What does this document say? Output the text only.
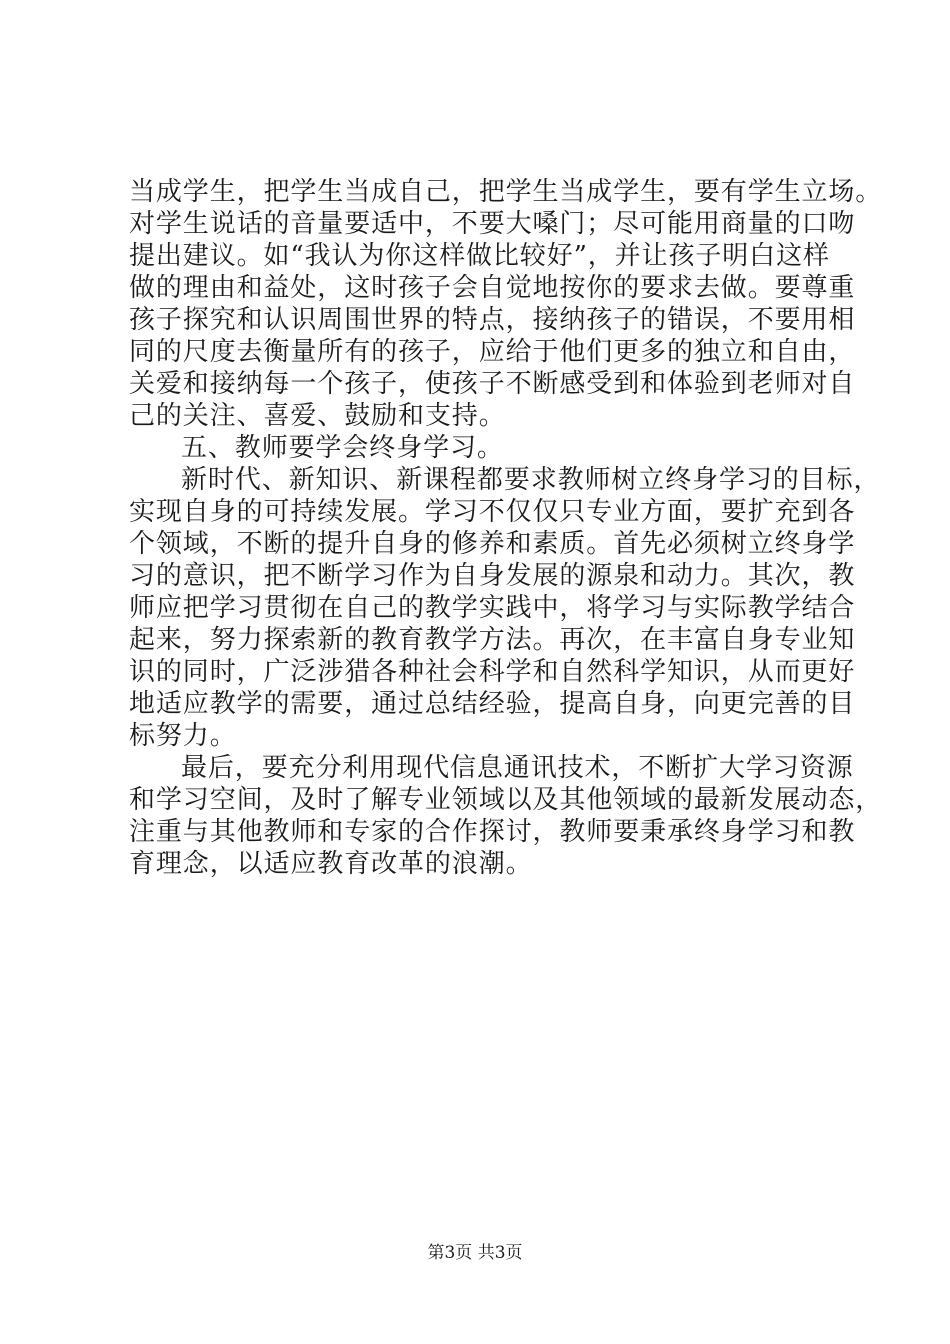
当成学生，把学生当成自己，把学生当成学生，要有学生立场。
对学生说话的音量要适中，不要大嗓门；尽可能用商量的口吻
提出建议。如“我认为你这样做比较好”，并让孩子明白这样
做的理由和益处，这时孩子会自觉地按你的要求去做。要尊重
孩子探究和认识周围世界的特点，接纳孩子的错误，不要用相
同的尺度去衡量所有的孩子，应给于他们更多的独立和自由，
关爱和接纳每一个孩子，使孩子不断感受到和体验到老师对自
己的关注、喜爱、鼓励和支持。
五、教师要学会终身学习。
新时代、新知识、新课程都要求教师树立终身学习的目标，
实现自身的可持续发展。学习不仅仅只专业方面，要扩充到各
个领域，不断的提升自身的修养和素质。首先必须树立终身学
习的意识，把不断学习作为自身发展的源泉和动力。其次，教
师应把学习贯彻在自己的教学实践中，将学习与实际教学结合
起来，努力探索新的教育教学方法。再次，在丰富自身专业知
识的同时，广泛涉猎各种社会科学和自然科学知识，从而更好
地适应教学的需要，通过总结经验，提高自身，向更完善的目
标努力。
最后，要充分利用现代信息通讯技术，不断扩大学习资源
和学习空间，及时了解专业领域以及其他领域的最新发展动态，
注重与其他教师和专家的合作探讨，教师要秉承终身学习和教
育理念，以适应教育改革的浪潮。
第3页 共3页
